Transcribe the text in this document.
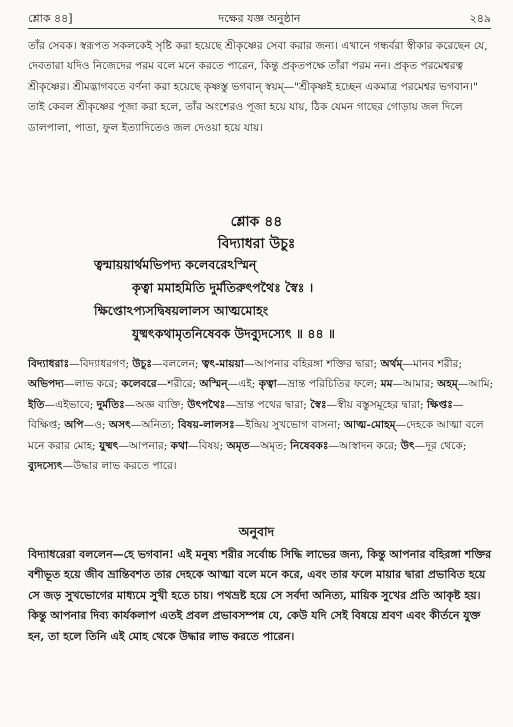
শ্লোক ৪৪]	দক্ষের যজ্ঞ অনুষ্ঠান	২৪৯

তাঁর সেবক। স্বরূপত সকলকেই সৃষ্টি করা হয়েছে শ্রীকৃষ্ণের সেবা করার জন্য। এখানে গন্ধর্বরা স্বীকার করেছেন যে, দেবতারা যদিও নিজেদের পরম বলে মনে করতে পারেন, কিন্তু প্রকৃতপক্ষে তাঁরা পরম নন। প্রকৃত পরমেশ্বরত্ব শ্রীকৃষ্ণের। শ্রীমদ্ভাগবতে বর্ণনা করা হয়েছে কৃষ্ণস্তু ভগবান্ স্বয়ম্—"শ্রীকৃষ্ণই হচ্ছেন একমাত্র পরমেশ্বর ভগবান।" তাই কেবল শ্রীকৃষ্ণের পূজা করা হলে, তাঁর অংশেরও পূজা হয়ে যায়, ঠিক যেমন গাছের গোড়ায় জল দিলে ডালপালা, পাতা, ফুল ইত্যাদিতেও জল দেওয়া হয়ে যায়।

শ্লোক ৪৪
বিদ্যাধরা উচুঃ
ত্বন্মায়য়ার্থমভিপদ্য কলেবরেঽস্মিন্
কৃত্বা মমাহমিতি দুর্মতিরুৎপথৈঃ স্বৈঃ ।
ক্ষিপ্তোঽপ্যসদ্বিষয়লালস আত্মমোহং
যুষ্মৎকথামৃতনিষেবক উদ্ব্যুদস্যেৎ ॥ ৪৪ ॥

বিদ্যাধরাঃ—বিদ্যাধরগণ; উচুঃ—বললেন; ত্বৎ-মায়য়া—আপনার বহিরঙ্গা শক্তির দ্বারা; অর্থম্—মানব শরীর; অভিপদ্য—লাভ করে; কলেবরে—শরীরে; অস্মিন্—এই; কৃত্বা—ভ্রান্ত পরিচিতির ফলে; মম—আমার; অহম্—আমি; ইতি—এইভাবে; দুর্মতিঃ—অজ্ঞ ব্যক্তি; উৎপথৈঃ—ভ্রান্ত পথের দ্বারা; স্বৈঃ—স্বীয় বস্তুসমূহের দ্বারা; ক্ষিপ্তঃ—বিক্ষিপ্ত; অপি—ও; অসৎ—অনিত্য; বিষয়-লালসঃ—ইন্দ্রিয় সুখভোগ বাসনা; আত্ম-মোহম্—দেহকে আত্মা বলে মনে করার মোহ; যুষ্মৎ—আপনার; কথা—বিষয়; অমৃত—অমৃত; নিষেবকঃ—আস্বাদন করে; উৎ—দূর থেকে; ব্যুদস্যেৎ—উদ্ধার লাভ করতে পারে।

অনুবাদ

বিদ্যাধরেরা বললেন—হে ভগবান! এই মনুষ্য শরীর সর্বোচ্চ সিদ্ধি লাভের জন্য, কিন্তু আপনার বহিরঙ্গা শক্তির বশীভূত হয়ে জীব ভ্রান্তিবশত তার দেহকে আত্মা বলে মনে করে, এবং তার ফলে মায়ার দ্বারা প্রভাবিত হয়ে সে জড় সুখভোগের মাধ্যমে সুখী হতে চায়। পথভ্রষ্ট হয়ে সে সর্বদা অনিত্য, মায়িক সুখের প্রতি আকৃষ্ট হয়। কিন্তু আপনার দিব্য কার্যকলাপ এতই প্রবল প্রভাবসম্পন্ন যে, কেউ যদি সেই বিষয়ে শ্রবণ এবং কীর্তনে যুক্ত হন, তা হলে তিনি এই মোহ থেকে উদ্ধার লাভ করতে পারেন।
